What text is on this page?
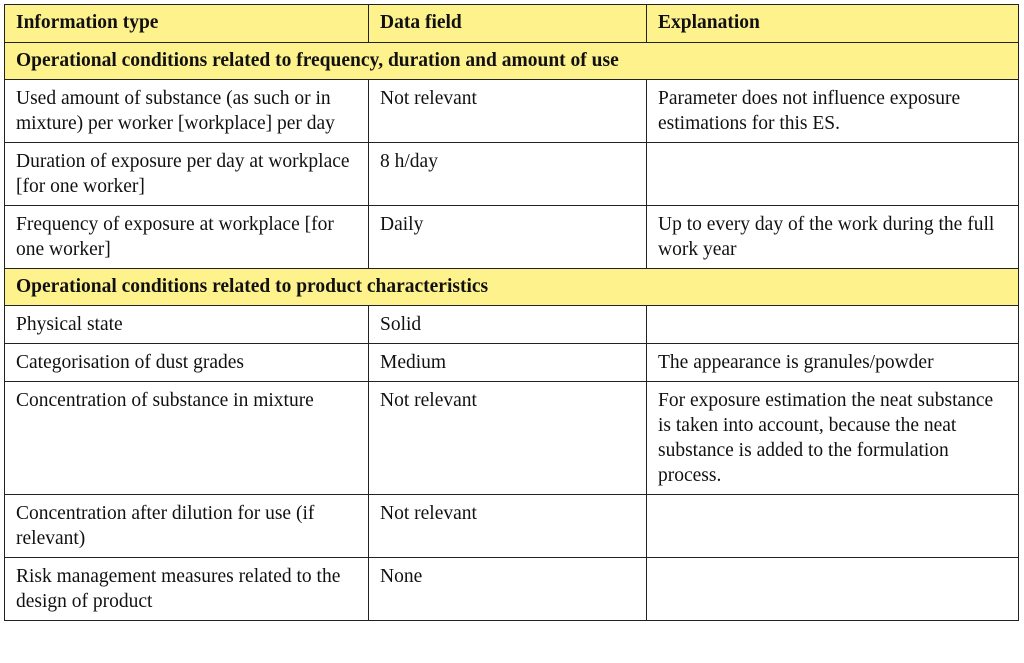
Information type	Data field	Explanation
Operational conditions related to frequency, duration and amount of use		
Used amount of substance (as such or in mixture) per worker [workplace] per day	Not relevant	Parameter does not influence exposure estimations for this ES.
Duration of exposure per day at workplace [for one worker]	8 h/day	
Frequency of exposure at workplace [for one worker]	Daily	Up to every day of the work during the full work year
Operational conditions related to product characteristics		
Physical state	Solid	
Categorisation of dust grades	Medium	The appearance is granules/powder
Concentration of substance in mixture	Not relevant	For exposure estimation the neat substance is taken into account, because the neat substance is added to the formulation process.
Concentration after dilution for use (if relevant)	Not relevant	
Risk management measures related to the design of product	None	
